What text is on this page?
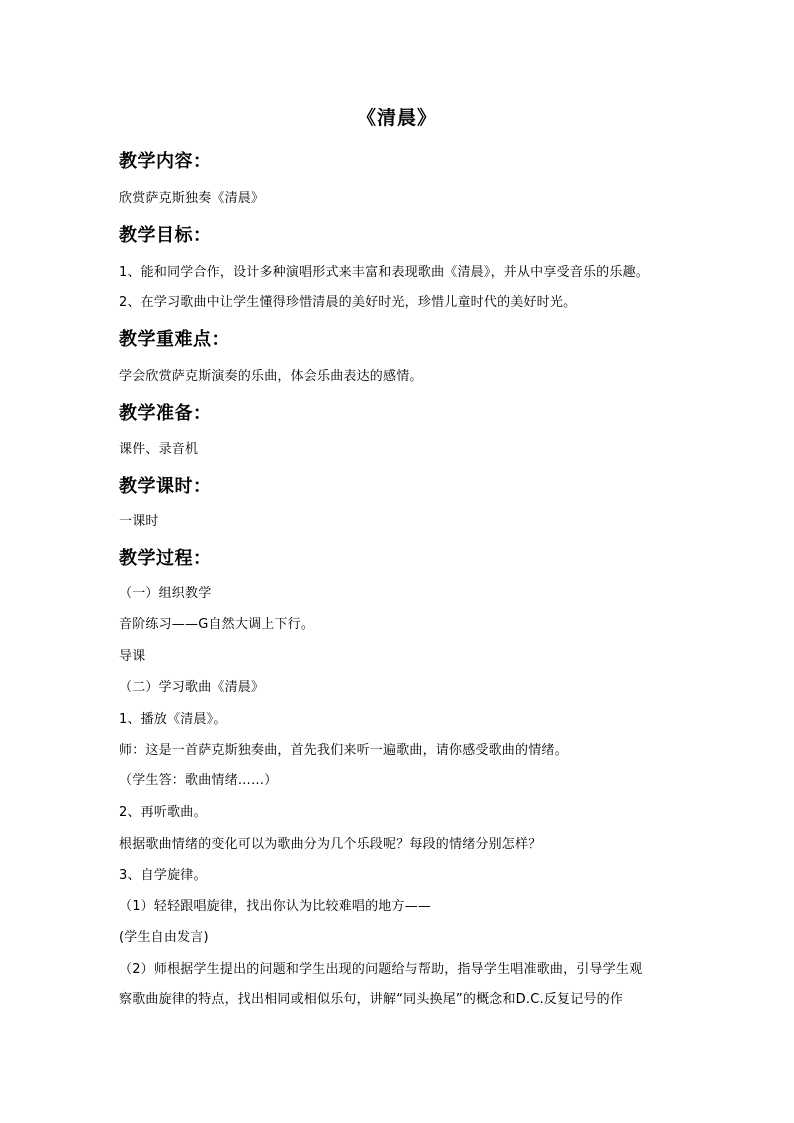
《清晨》
教学内容：
欣赏萨克斯独奏《清晨》
教学目标：
1、能和同学合作，设计多种演唱形式来丰富和表现歌曲《清晨》，并从中享受音乐的乐趣。
2、在学习歌曲中让学生懂得珍惜清晨的美好时光，珍惜儿童时代的美好时光。
教学重难点：
学会欣赏萨克斯演奏的乐曲，体会乐曲表达的感情。
教学准备：
课件、录音机
教学课时：
一课时
教学过程：
（一）组织教学
音阶练习——G自然大调上下行。
导课
（二）学习歌曲《清晨》
1、播放《清晨》。
师：这是一首萨克斯独奏曲，首先我们来听一遍歌曲，请你感受歌曲的情绪。
（学生答：歌曲情绪……）
2、再听歌曲。
根据歌曲情绪的变化可以为歌曲分为几个乐段呢？每段的情绪分别怎样？
3、自学旋律。
（1）轻轻跟唱旋律，找出你认为比较难唱的地方——
(学生自由发言)
（2）师根据学生提出的问题和学生出现的问题给与帮助，指导学生唱准歌曲，引导学生观
察歌曲旋律的特点，找出相同或相似乐句，讲解“同头换尾”的概念和D.C.反复记号的作
